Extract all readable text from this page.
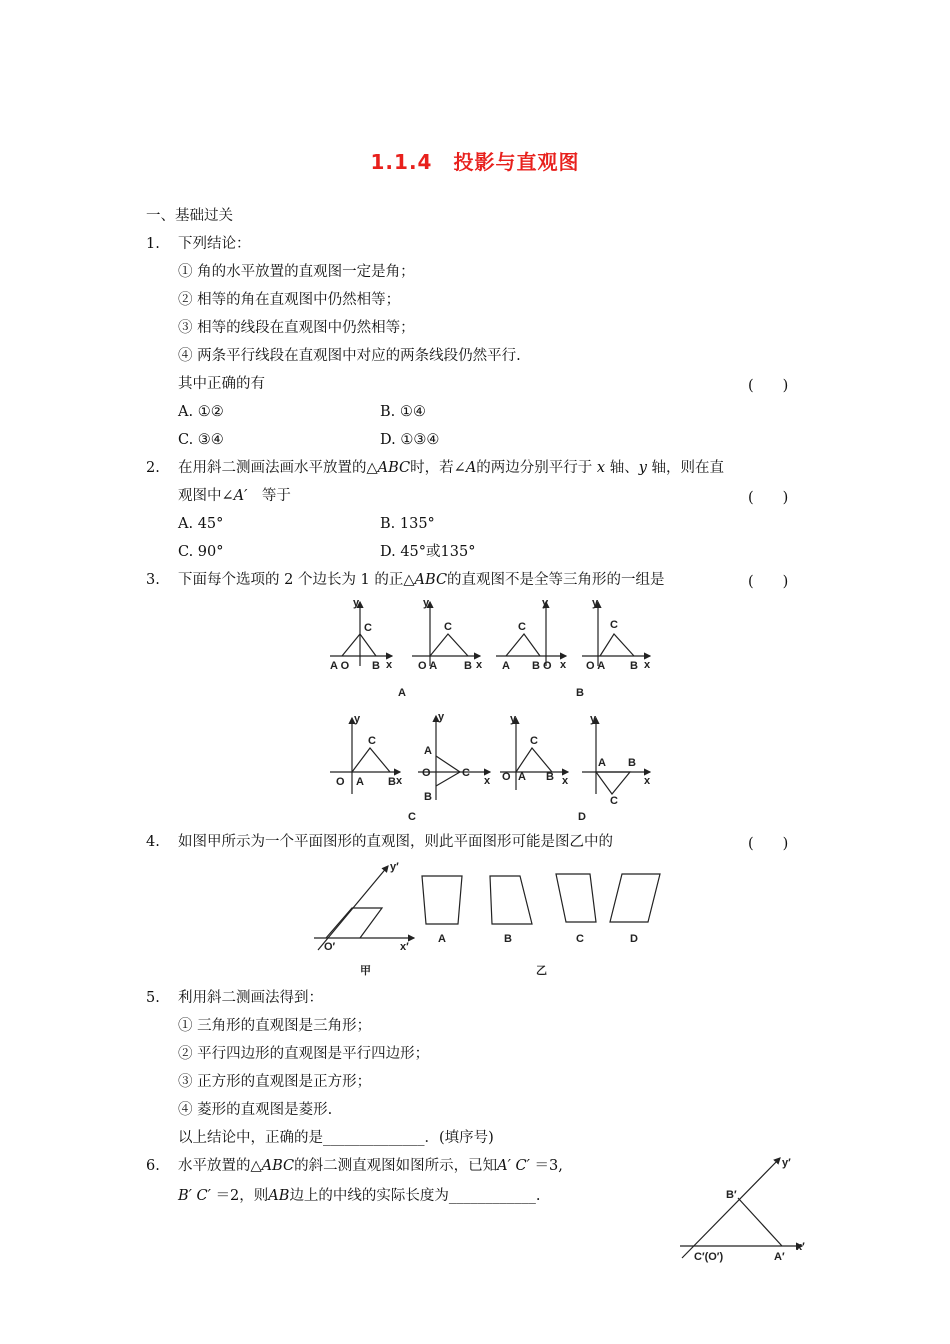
1.1.4　投影与直观图
一、基础过关
1. 下列结论：
① 角的水平放置的直观图一定是角；
② 相等的角在直观图中仍然相等；
③ 相等的线段在直观图中仍然相等；
④ 两条平行线段在直观图中对应的两条线段仍然平行.
其中正确的有	(　　)
A. ①②	B. ①④
C. ③④	D. ①③④
2. 在用斜二测画法画水平放置的△ABC时，若∠A的两边分别平行于 x 轴、y 轴，则在直
观图中∠A′　 等于	(　　)
A. 45°	B. 135°
C. 90°	D. 45°或135°
3. 下面每个选项的 2 个边长为 1 的正△ABC的直观图不是全等三角形的一组是	(　　)
y
A O B x
C
y
O A B x
C
y
A B O x
C
y
O A B x
C
y
O A B x
C
y
A
O	C
B
x
y
O A B x
C
y
A B
x
C
A	B
C	D
4. 如图甲所示为一个平面图形的直观图，则此平面图形可能是图乙中的	(　　)
y′
x′
O′
甲	乙
A	B	C	D
5. 利用斜二测画法得到：
① 三角形的直观图是三角形；
② 平行四边形的直观图是平行四边形；
③ 正方形的直观图是正方形；
④ 菱形的直观图是菱形.
以上结论中，正确的是______________．(填序号)
6. 水平放置的△ABC的斜二测直观图如图所示，已知A′ C′ ＝3,
B′ C′ ＝2，则AB边上的中线的实际长度为____________.
y′
B′
C′(O′)	A′
x′
